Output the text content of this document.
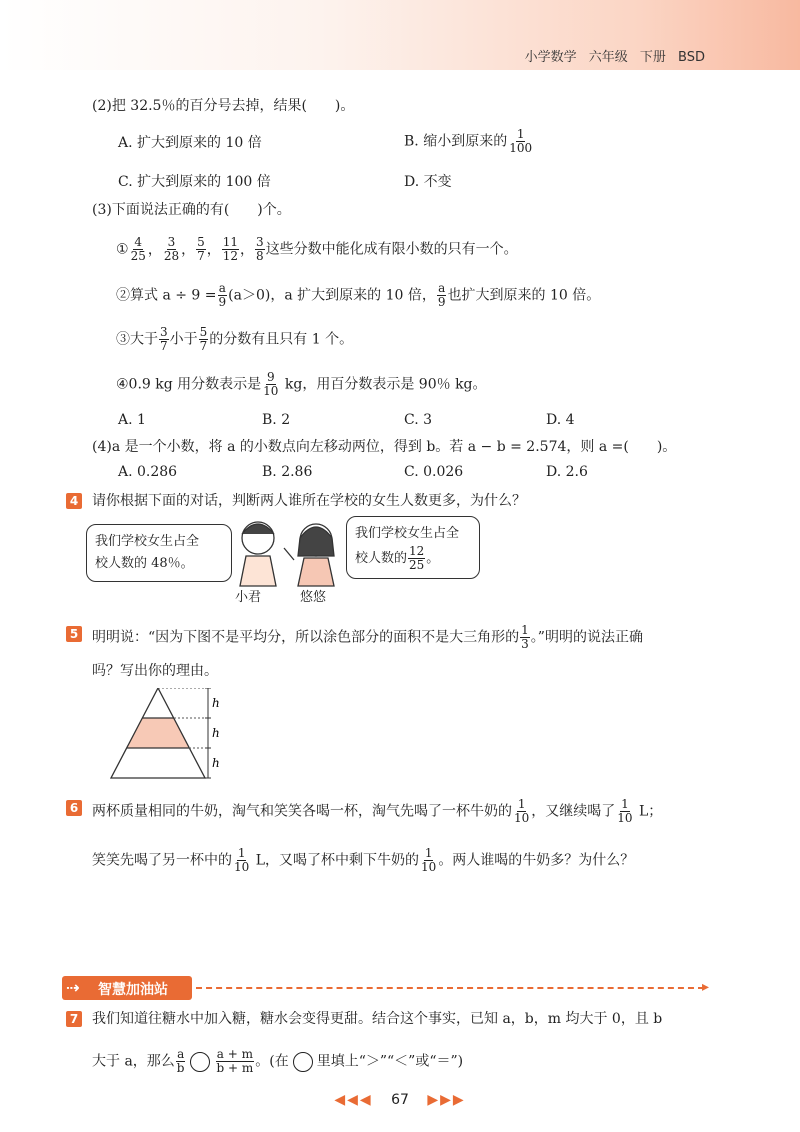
小学数学 六年级 下册 BSD
(2)把 32.5％的百分号去掉，结果(　　)。
A. 扩大到原来的 10 倍	B. 缩小到原来的 $\frac{1}{100}$
C. 扩大到原来的 100 倍	D. 不变
(3)下面说法正确的有(　　)个。
① $\frac{4}{25}$ ， $\frac{3}{28}$ ， $\frac{5}{7}$ ， $\frac{11}{12}$ ， $\frac{3}{8}$ 这些分数中能化成有限小数的只有一个。
②算式 $a \div 9 = \frac{a}{9} (a>0)$，a 扩大到原来的 10 倍， $\frac{a}{9}$ 也扩大到原来的 10 倍。
③大于 $\frac{3}{7}$ 小于 $\frac{5}{7}$ 的分数有且只有 1 个。
④0.9 kg 用分数表示是 $\frac{9}{10}$ kg，用百分数表示是 90％ kg。
A. 1	B. 2	C. 3	D. 4
(4)a 是一个小数，将 a 的小数点向左移动两位，得到 b。若 a − b = 2.574，则 a =(　　)。
A. 0.286	B. 2.86	C. 0.026	D. 2.6
4 请你根据下面的对话，判断两人谁所在学校的女生人数更多，为什么？
我们学校女生占全
校人数的 48％。
我们学校女生占全
校人数的 $\frac{12}{25}$ 。
小君	悠悠
5 明明说：“因为下图不是平均分，所以涂色部分的面积不是大三角形的 $\frac{1}{3}$ 。”明明的说法正确
吗？写出你的理由。
h
h
h
6 两杯质量相同的牛奶，淘气和笑笑各喝一杯，淘气先喝了一杯牛奶的 $\frac{1}{10}$ ，又继续喝了 $\frac{1}{10}$ L；
笑笑先喝了另一杯中的 $\frac{1}{10}$ L，又喝了杯中剩下牛奶的 $\frac{1}{10}$ 。两人谁喝的牛奶多？为什么？
⇢ 智慧加油站	▸
7 我们知道往糖水中加入糖，糖水会变得更甜。结合这个事实，已知 a，b，m 均大于 0，且 b
大于 a，那么 $\frac{a}{b}$	$\frac{a + m}{b + m}$ 。(在 里填上“＞”“＜”或“＝”)
◀◀◀ 67 ▶▶▶
